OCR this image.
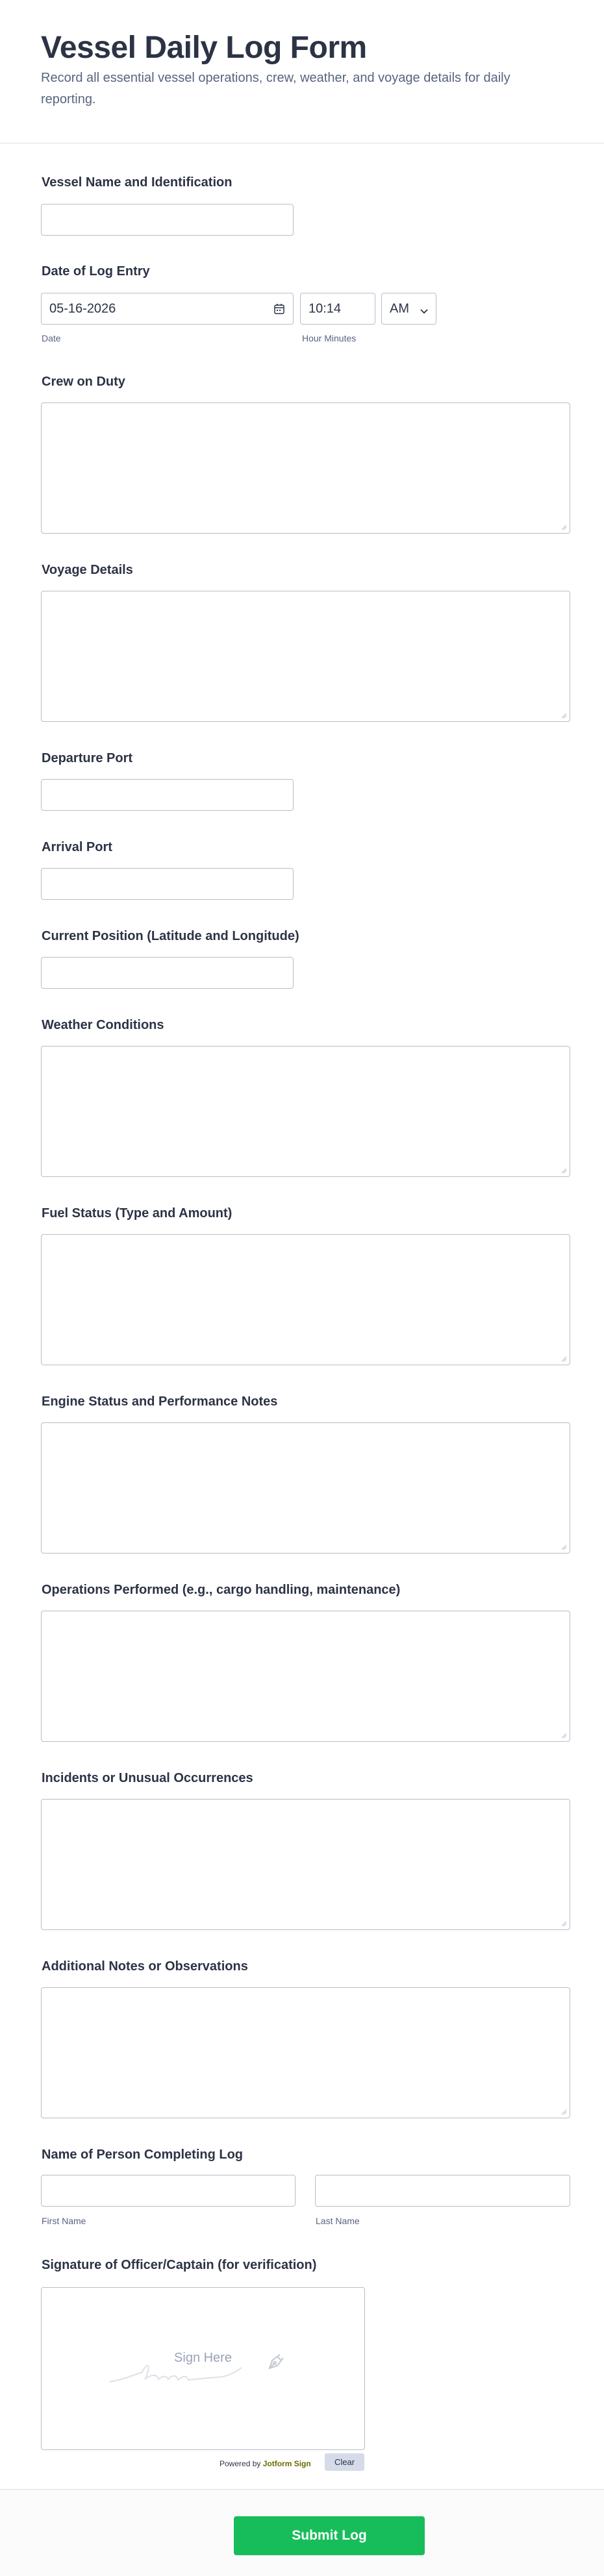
Vessel Daily Log Form
Record all essential vessel operations, crew, weather, and voyage details for daily reporting.
Vessel Name and Identification
Date of Log Entry
05-16-2026	10:14	AM
Date	Hour Minutes
Crew on Duty
Voyage Details
Departure Port
Arrival Port
Current Position (Latitude and Longitude)
Weather Conditions
Fuel Status (Type and Amount)
Engine Status and Performance Notes
Operations Performed (e.g., cargo handling, maintenance)
Incidents or Unusual Occurrences
Additional Notes or Observations
Name of Person Completing Log
First Name	Last Name
Signature of Officer/Captain (for verification)
Sign Here
Powered by Jotform Sign	Clear
Submit Log
